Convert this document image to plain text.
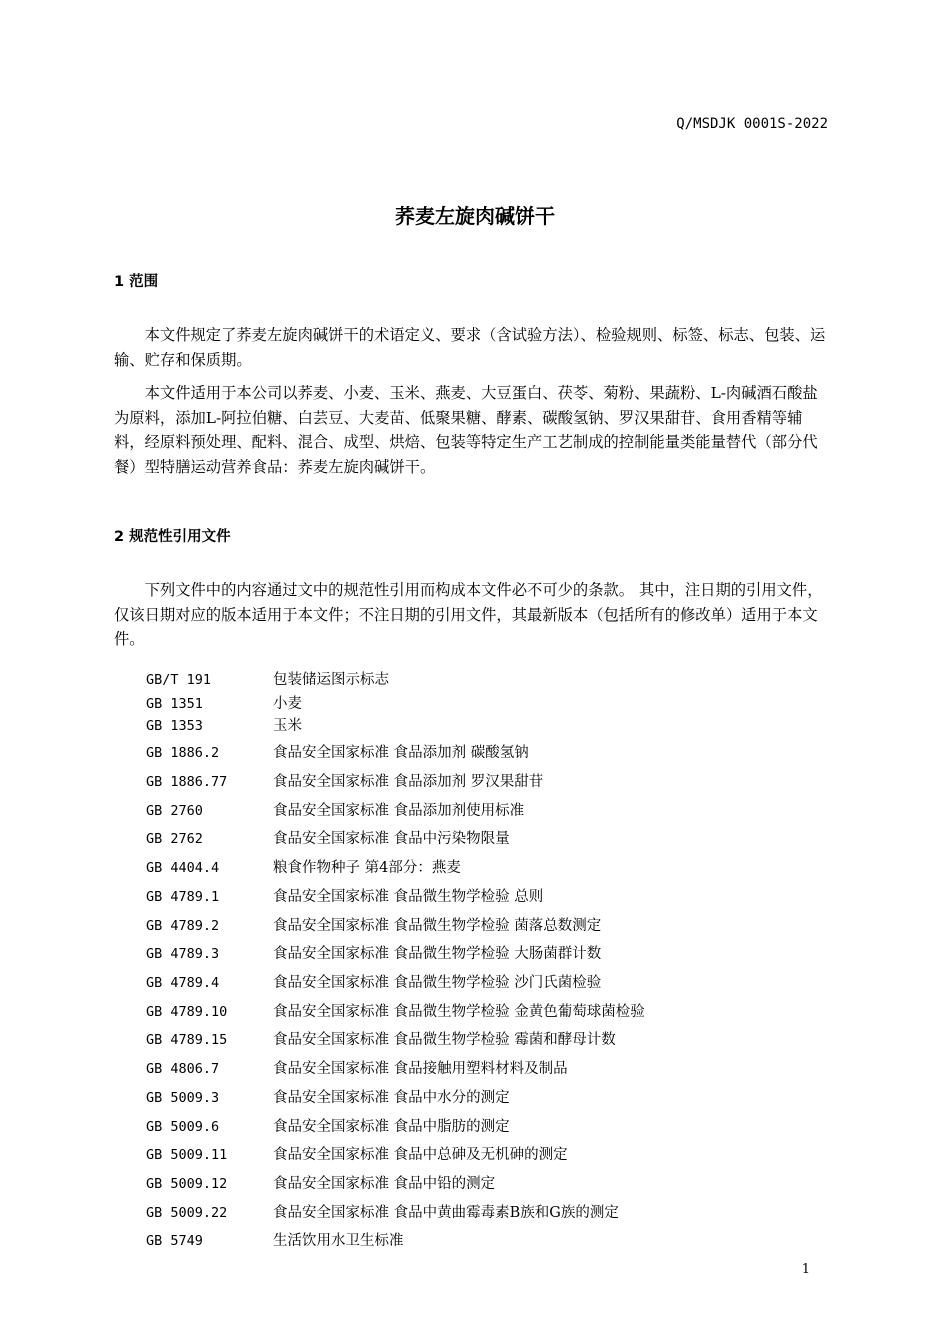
Q/MSDJK 0001S-2022
荞麦左旋肉碱饼干
1 范围

本文件规定了荞麦左旋肉碱饼干的术语定义、要求（含试验方法）、检验规则、标签、标志、包装、运输、贮存和保质期。

本文件适用于本公司以荞麦、小麦、玉米、燕麦、大豆蛋白、茯苓、菊粉、果蔬粉、L-肉碱酒石酸盐为原料，添加L-阿拉伯糖、白芸豆、大麦苗、低聚果糖、酵素、碳酸氢钠、罗汉果甜苷、食用香精等辅料，经原料预处理、配料、混合、成型、烘焙、包装等特定生产工艺制成的控制能量类能量替代（部分代餐）型特膳运动营养食品：荞麦左旋肉碱饼干。

2 规范性引用文件

下列文件中的内容通过文中的规范性引用而构成本文件必不可少的条款。 其中，注日期的引用文件，仅该日期对应的版本适用于本文件；不注日期的引用文件，其最新版本（包括所有的修改单）适用于本文件。

GB/T 191	包装储运图示标志
GB 1351	小麦
GB 1353	玉米
GB 1886.2	食品安全国家标准 食品添加剂 碳酸氢钠
GB 1886.77	食品安全国家标准 食品添加剂 罗汉果甜苷
GB 2760	食品安全国家标准 食品添加剂使用标准
GB 2762	食品安全国家标准 食品中污染物限量
GB 4404.4	粮食作物种子 第4部分：燕麦
GB 4789.1	食品安全国家标准 食品微生物学检验 总则
GB 4789.2	食品安全国家标准 食品微生物学检验 菌落总数测定
GB 4789.3	食品安全国家标准 食品微生物学检验 大肠菌群计数
GB 4789.4	食品安全国家标准 食品微生物学检验 沙门氏菌检验
GB 4789.10	食品安全国家标准 食品微生物学检验 金黄色葡萄球菌检验
GB 4789.15	食品安全国家标准 食品微生物学检验 霉菌和酵母计数
GB 4806.7	食品安全国家标准 食品接触用塑料材料及制品
GB 5009.3	食品安全国家标准 食品中水分的测定
GB 5009.6	食品安全国家标准 食品中脂肪的测定
GB 5009.11	食品安全国家标准 食品中总砷及无机砷的测定
GB 5009.12	食品安全国家标准 食品中铅的测定
GB 5009.22	食品安全国家标准 食品中黄曲霉毒素B族和G族的测定
GB 5749	生活饮用水卫生标准
1
